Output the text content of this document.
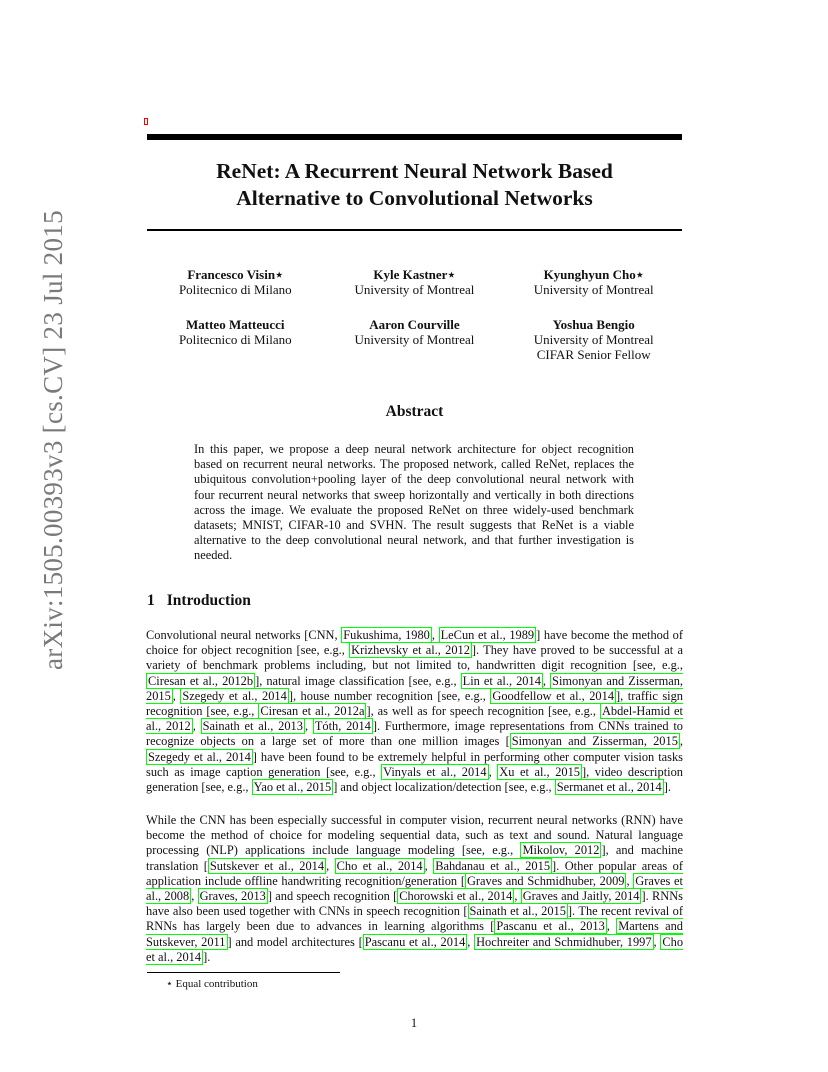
arXiv:1505.00393v3 [cs.CV] 23 Jul 2015
ReNet: A Recurrent Neural Network Based
Alternative to Convolutional Networks
Francesco Visin⋆
Politecnico di Milano
Kyle Kastner⋆
University of Montreal
Kyunghyun Cho⋆
University of Montreal
Matteo Matteucci
Politecnico di Milano
Aaron Courville
University of Montreal
Yoshua Bengio
University of Montreal
CIFAR Senior Fellow
Abstract
In this paper, we propose a deep neural network architecture for object recognition based on recurrent neural networks. The proposed network, called ReNet, replaces the ubiquitous convolution+pooling layer of the deep convolutional neural network with four recurrent neural networks that sweep horizontally and vertically in both directions across the image. We evaluate the proposed ReNet on three widely-used benchmark datasets; MNIST, CIFAR-10 and SVHN. The result suggests that ReNet is a viable alternative to the deep convolutional neural network, and that further investigation is needed.
1 Introduction
Convolutional neural networks [CNN, Fukushima, 1980 , LeCun et al., 1989 ] have become the method of choice for object recognition [see, e.g., Krizhevsky et al., 2012 ]. They have proved to be successful at a variety of benchmark problems including, but not limited to, handwritten digit recognition [see, e.g., Ciresan et al., 2012b ], natural image classification [see, e.g., Lin et al., 2014 , Simonyan and Zisserman, 2015 , Szegedy et al., 2014 ], house number recognition [see, e.g., Goodfellow et al., 2014 ], traffic sign recognition [see, e.g., Ciresan et al., 2012a ], as well as for speech recognition [see, e.g., Abdel-Hamid et al., 2012 , Sainath et al., 2013 , Tóth, 2014 ]. Furthermore, image representations from CNNs trained to recognize objects on a large set of more than one million images [ Simonyan and Zisserman, 2015 , Szegedy et al., 2014 ] have been found to be extremely helpful in performing other computer vision tasks such as image caption generation [see, e.g., Vinyals et al., 2014 , Xu et al., 2015 ], video description generation [see, e.g., Yao et al., 2015 ] and object localization/detection [see, e.g., Sermanet et al., 2014 ].
While the CNN has been especially successful in computer vision, recurrent neural networks (RNN) have become the method of choice for modeling sequential data, such as text and sound. Natural language processing (NLP) applications include language modeling [see, e.g., Mikolov, 2012 ], and machine translation [ Sutskever et al., 2014 , Cho et al., 2014 , Bahdanau et al., 2015 ]. Other popular areas of application include offline handwriting recognition/generation [ Graves and Schmidhuber, 2009 , Graves et al., 2008 , Graves, 2013 ] and speech recognition [ Chorowski et al., 2014 , Graves and Jaitly, 2014 ]. RNNs have also been used together with CNNs in speech recognition [ Sainath et al., 2015 ]. The recent revival of RNNs has largely been due to advances in learning algorithms [ Pascanu et al., 2013 , Martens and Sutskever, 2011 ] and model architectures [ Pascanu et al., 2014 , Hochreiter and Schmidhuber, 1997 , Cho et al., 2014 ].
⋆ Equal contribution
1
